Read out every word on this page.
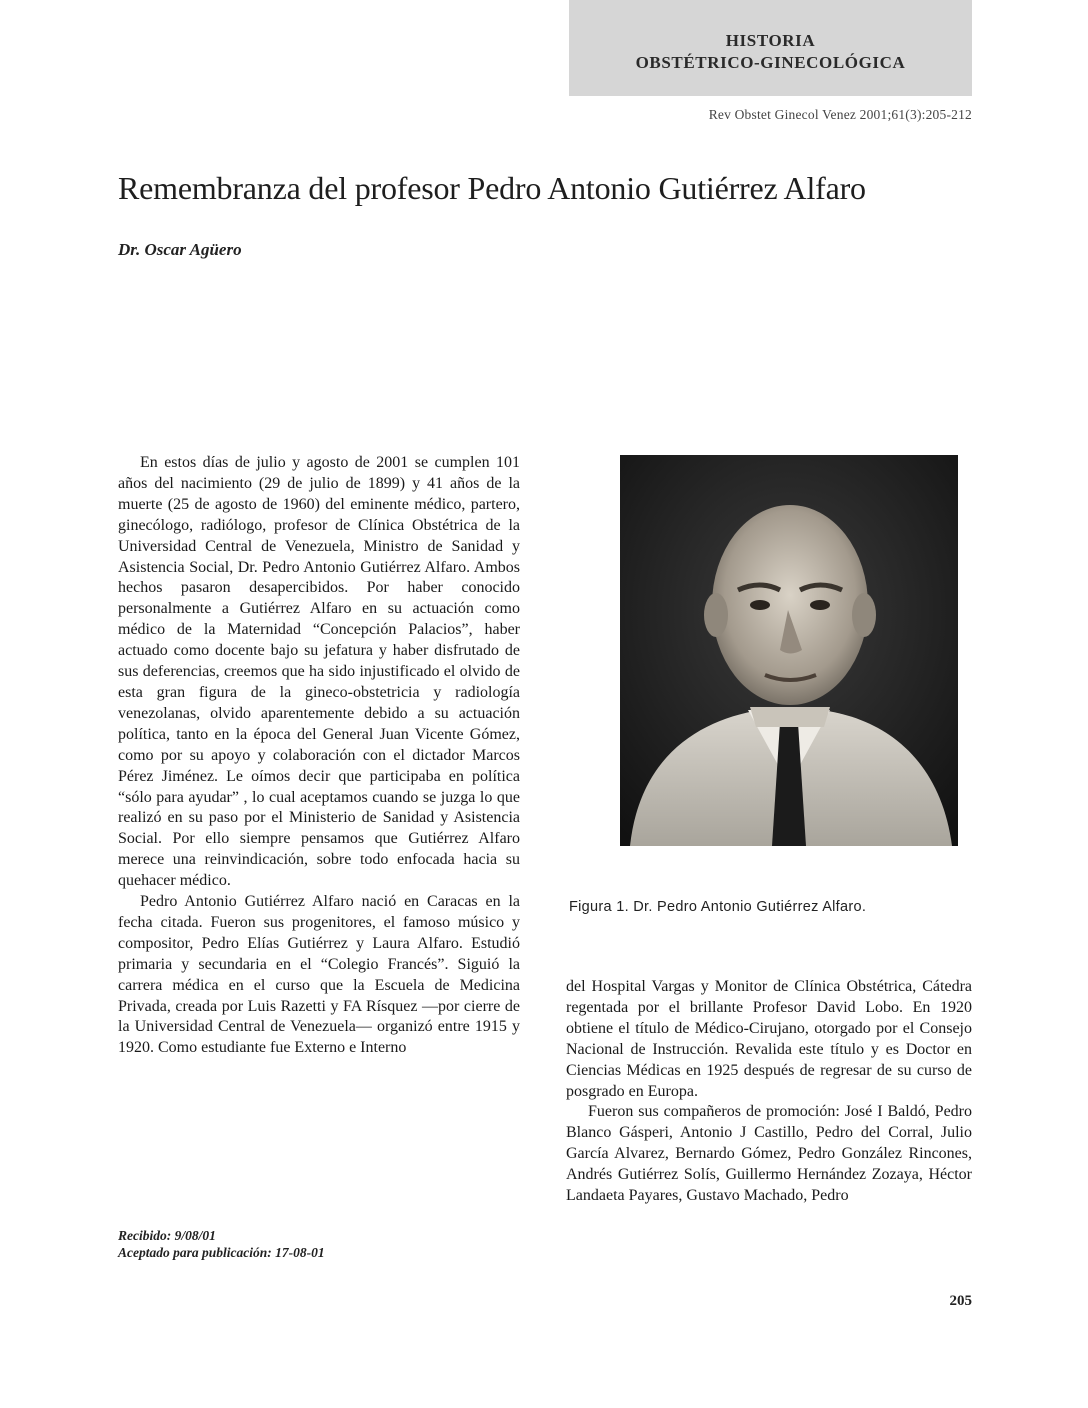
HISTORIA
OBSTÉTRICO-GINECOLÓGICA
Rev Obstet Ginecol Venez 2001;61(3):205-212
Remembranza del profesor Pedro Antonio Gutiérrez Alfaro
Dr. Oscar Agüero

En estos días de julio y agosto de 2001 se cumplen 101 años del nacimiento (29 de julio de 1899) y 41 años de la muerte (25 de agosto de 1960) del eminente médico, partero, ginecólogo, radiólogo, profesor de Clínica Obstétrica de la Universidad Central de Venezuela, Ministro de Sanidad y Asistencia Social, Dr. Pedro Antonio Gutiérrez Alfaro. Ambos hechos pasaron desapercibidos. Por haber conocido personalmente a Gutiérrez Alfaro en su actuación como médico de la Maternidad “Concepción Palacios”, haber actuado como docente bajo su jefatura y haber disfrutado de sus deferencias, creemos que ha sido injustificado el olvido de esta gran figura de la gineco-obstetricia y radiología venezolanas, olvido aparentemente debido a su actuación política, tanto en la época del General Juan Vicente Gómez, como por su apoyo y colaboración con el dictador Marcos Pérez Jiménez. Le oímos decir que participaba en política “sólo para ayudar” , lo cual aceptamos cuando se juzga lo que realizó en su paso por el Ministerio de Sanidad y Asistencia Social. Por ello siempre pensamos que Gutiérrez Alfaro merece una reinvindicación, sobre todo enfocada hacia su quehacer médico.

Pedro Antonio Gutiérrez Alfaro nació en Caracas en la fecha citada. Fueron sus progenitores, el famoso músico y compositor, Pedro Elías Gutiérrez y Laura Alfaro. Estudió primaria y secundaria en el “Colegio Francés”. Siguió la carrera médica en el curso que la Escuela de Medicina Privada, creada por Luis Razetti y FA Rísquez —por cierre de la Universidad Central de Venezuela— organizó entre 1915 y 1920. Como estudiante fue Externo e Interno

Figura 1. Dr. Pedro Antonio Gutiérrez Alfaro.

del Hospital Vargas y Monitor de Clínica Obstétrica, Cátedra regentada por el brillante Profesor David Lobo. En 1920 obtiene el título de Médico-Cirujano, otorgado por el Consejo Nacional de Instrucción. Revalida este título y es Doctor en Ciencias Médicas en 1925 después de regresar de su curso de posgrado en Europa.

Fueron sus compañeros de promoción: José I Baldó, Pedro Blanco Gásperi, Antonio J Castillo, Pedro del Corral, Julio García Alvarez, Bernardo Gómez, Pedro González Rincones, Andrés Gutiérrez Solís, Guillermo Hernández Zozaya, Héctor Landaeta Payares, Gustavo Machado, Pedro

Recibido: 9/08/01
Aceptado para publicación: 17-08-01
205
